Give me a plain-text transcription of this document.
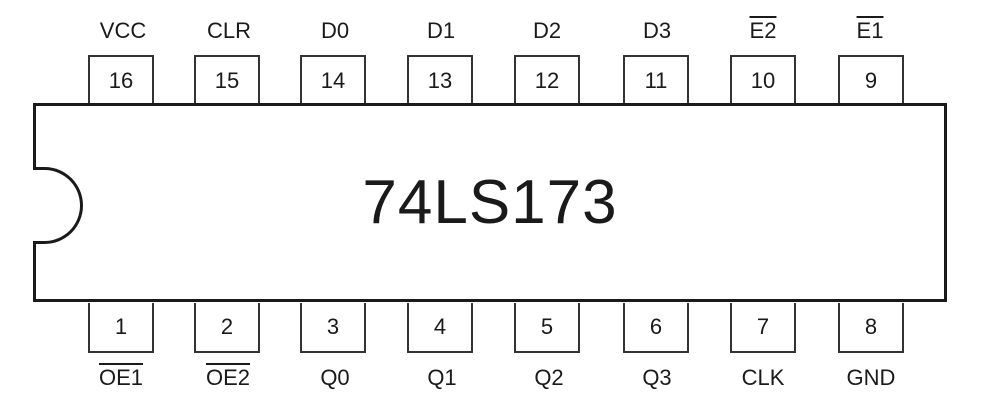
VCC	CLR	D0	D1	D2	D3	E2	E1
16	15	14	13	12	11	10	9
74LS173
1	2	3	4	5	6	7	8
OE1	OE2	Q0	Q1	Q2	Q3	CLK	GND
